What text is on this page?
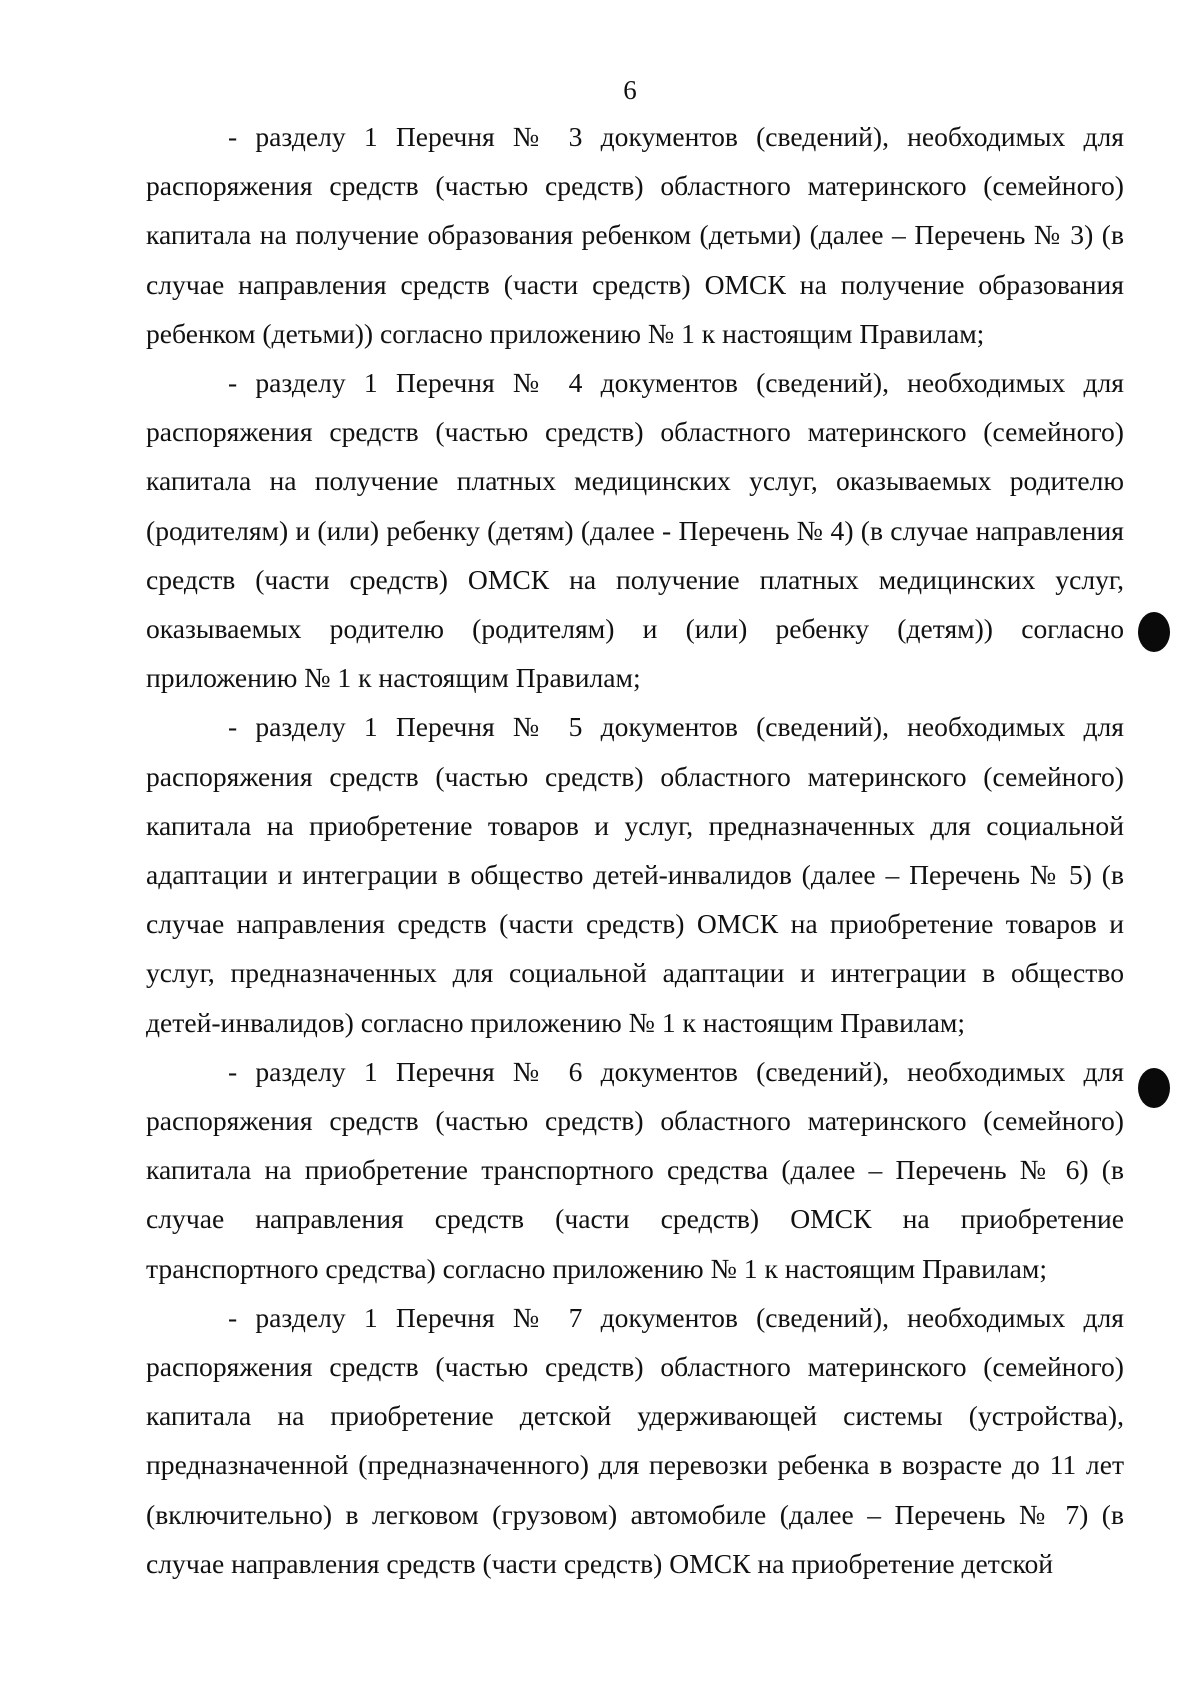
6

- разделу 1 Перечня № 3 документов (сведений), необходимых для распоряжения средств (частью средств) областного материнского (семейного) капитала на получение образования ребенком (детьми) (далее – Перечень № 3) (в случае направления средств (части средств) ОМСК на получение образования ребенком (детьми)) согласно приложению № 1 к настоящим Правилам;

- разделу 1 Перечня № 4 документов (сведений), необходимых для распоряжения средств (частью средств) областного материнского (семейного) капитала на получение платных медицинских услуг, оказываемых родителю (родителям) и (или) ребенку (детям) (далее - Перечень № 4) (в случае направления средств (части средств) ОМСК на получение платных медицинских услуг, оказываемых родителю (родителям) и (или) ребенку (детям)) согласно приложению № 1 к настоящим Правилам;

- разделу 1 Перечня № 5 документов (сведений), необходимых для распоряжения средств (частью средств) областного материнского (семейного) капитала на приобретение товаров и услуг, предназначенных для социальной адаптации и интеграции в общество детей-инвалидов (далее – Перечень № 5) (в случае направления средств (части средств) ОМСК на приобретение товаров и услуг, предназначенных для социальной адаптации и интеграции в общество детей-инвалидов) согласно приложению № 1 к настоящим Правилам;

- разделу 1 Перечня № 6 документов (сведений), необходимых для распоряжения средств (частью средств) областного материнского (семейного) капитала на приобретение транспортного средства (далее – Перечень № 6) (в случае направления средств (части средств) ОМСК на приобретение транспортного средства) согласно приложению № 1 к настоящим Правилам;

- разделу 1 Перечня № 7 документов (сведений), необходимых для распоряжения средств (частью средств) областного материнского (семейного) капитала на приобретение детской удерживающей системы (устройства), предназначенной (предназначенного) для перевозки ребенка в возрасте до 11 лет (включительно) в легковом (грузовом) автомобиле (далее – Перечень № 7) (в случае направления средств (части средств) ОМСК на приобретение детской
